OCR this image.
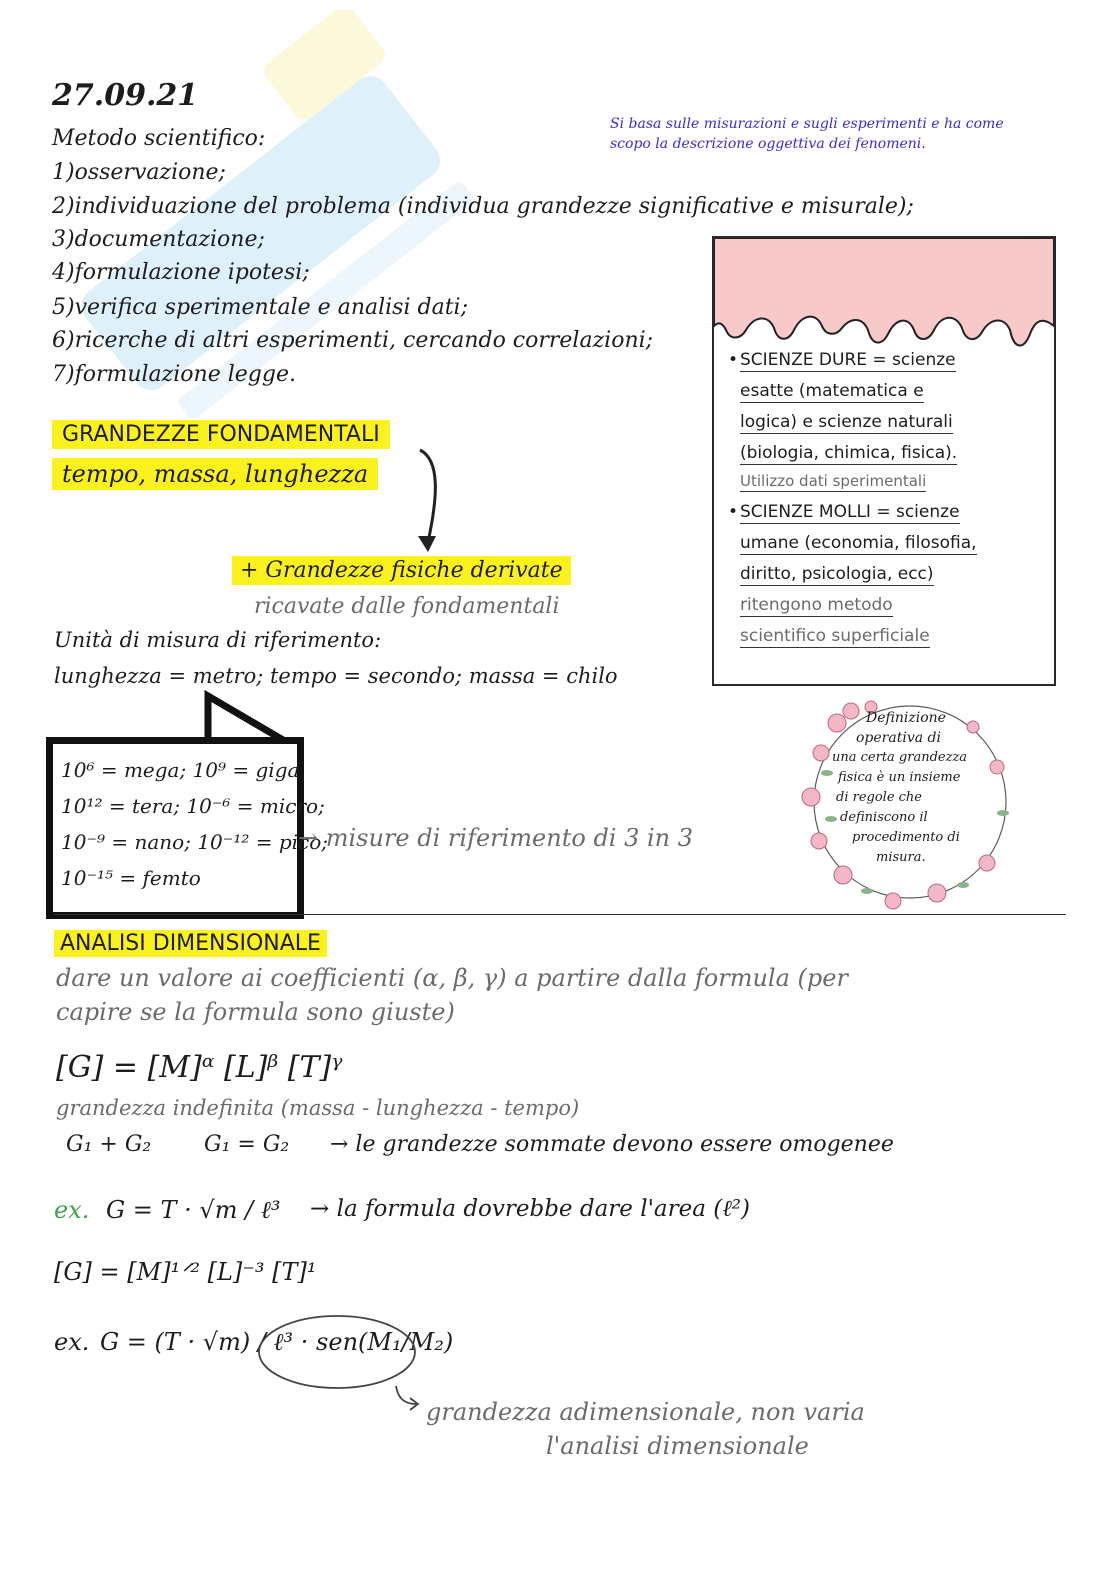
27.09.21
Si basa sulle misurazioni e sugli esperimenti e ha come
scopo la descrizione oggettiva dei fenomeni.
Metodo scientifico:
1)osservazione;
2)individuazione del problema (individua grandezze significative e misurale);
3)documentazione;
4)formulazione ipotesi;
5)verifica sperimentale e analisi dati;
6)ricerche di altri esperimenti, cercando correlazioni;
7)formulazione legge.
• SCIENZE DURE = scienze
esatte (matematica e
logica) e scienze naturali
(biologia, chimica, fisica).
Utilizzo dati sperimentali
• SCIENZE MOLLI = scienze
umane (economia, filosofia,
diritto, psicologia, ecc)
ritengono metodo
scientifico superficiale
GRANDEZZE FONDAMENTALI
tempo, massa, lunghezza
+ Grandezze fisiche derivate
ricavate dalle fondamentali
Unità di misura di riferimento:
lunghezza = metro; tempo = secondo; massa = chilo
10⁶ = mega; 10⁹ = giga
10¹² = tera; 10⁻⁶ = micro;
10⁻⁹ = nano; 10⁻¹² = pico;
10⁻¹⁵ = femto
→ misure di riferimento di 3 in 3
Definizione
operativa di
una certa grandezza
fisica è un insieme
di regole che
definiscono il
procedimento di
misura.
ANALISI DIMENSIONALE
dare un valore ai coefficienti (α, β, γ) a partire dalla formula (per
capire se la formula sono giuste)
[G] = [M]ᵅ [L]ᵝ [T]ᵞ
grandezza indefinita (massa - lunghezza - tempo)
G₁ + G₂ G₁ = G₂ → le grandezze sommate devono essere omogenee
ex. G = T · √m / ℓ³ → la formula dovrebbe dare l'area (ℓ²)
[G] = [M]¹ᐟ² [L]⁻³ [T]¹
ex. G = (T · √m) / ℓ³ · sen(M₁/M₂)
grandezza adimensionale, non varia
l'analisi dimensionale
